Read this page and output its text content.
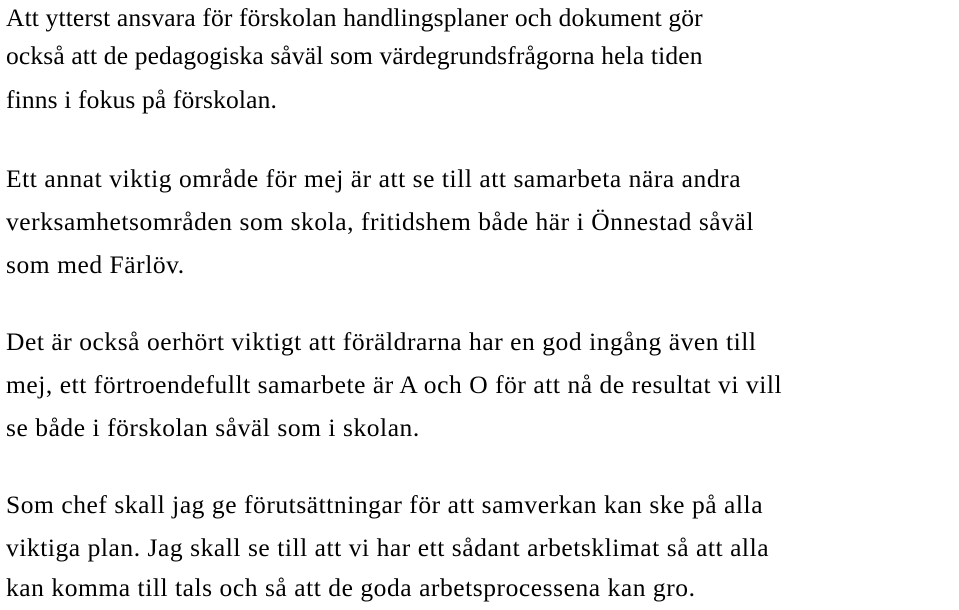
Att ytterst ansvara för förskolan handlingsplaner och dokument gör
också att de pedagogiska såväl som värdegrundsfrågorna hela tiden
finns i fokus på förskolan.
Ett annat viktig område för mej är att se till att samarbeta nära andra
verksamhetsområden som skola, fritidshem både här i Önnestad såväl
som med Färlöv.
Det är också oerhört viktigt att föräldrarna har en god ingång även till
mej, ett förtroendefullt samarbete är A och O för att nå de resultat vi vill
se både i förskolan såväl som i skolan.
Som chef skall jag ge förutsättningar för att samverkan kan ske på alla
viktiga plan. Jag skall se till att vi har ett sådant arbetsklimat så att alla
kan komma till tals och så att de goda arbetsprocessena kan gro.
